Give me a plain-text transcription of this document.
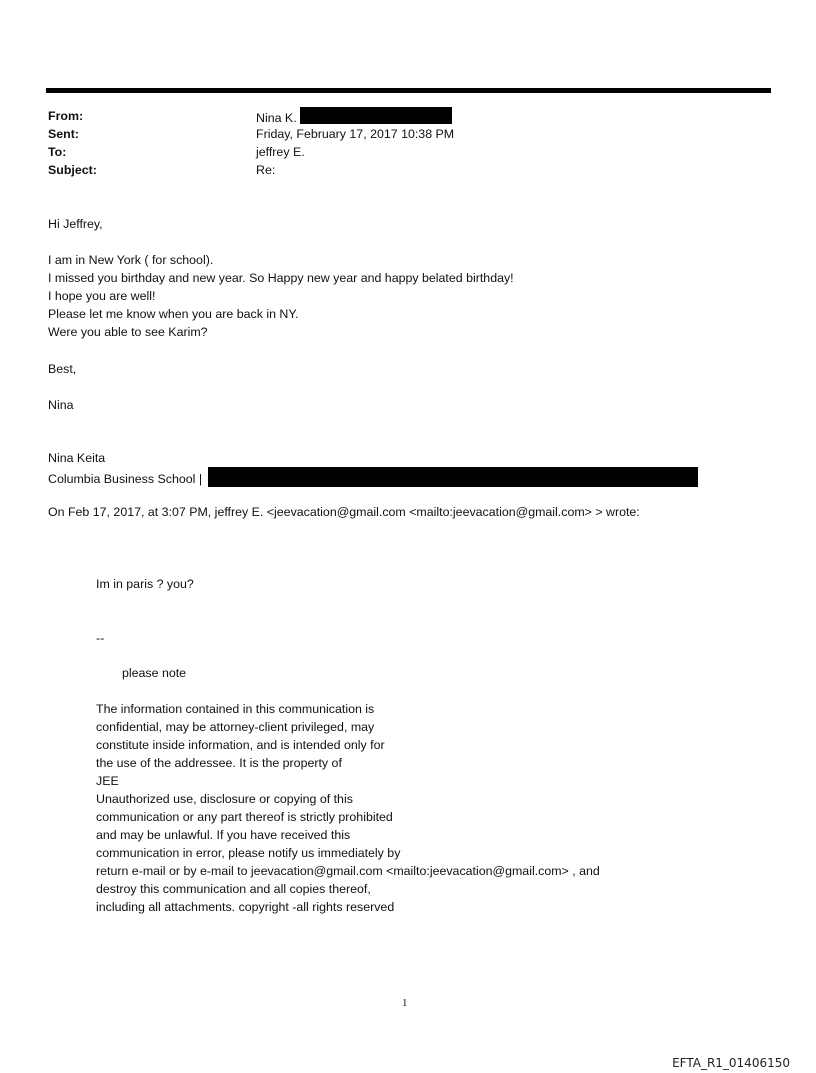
From:	Nina K.
Sent:	Friday, February 17, 2017 10:38 PM
To:	jeffrey E.
Subject:	Re:
Hi Jeffrey,
I am in New York ( for school).
I missed you birthday and new year. So Happy new year and happy belated birthday!
I hope you are well!
Please let me know when you are back in NY.
Were you able to see Karim?
Best,
Nina
Nina Keita
Columbia Business School |
On Feb 17, 2017, at 3:07 PM, jeffrey E. <jeevacation@gmail.com <mailto:jeevacation@gmail.com> > wrote:
Im in paris ? you?
--
please note
The information contained in this communication is
confidential, may be attorney-client privileged, may
constitute inside information, and is intended only for
the use of the addressee. It is the property of
JEE
Unauthorized use, disclosure or copying of this
communication or any part thereof is strictly prohibited
and may be unlawful. If you have received this
communication in error, please notify us immediately by
return e-mail or by e-mail to jeevacation@gmail.com <mailto:jeevacation@gmail.com> , and
destroy this communication and all copies thereof,
including all attachments. copyright -all rights reserved
1
EFTA_R1_01406150
